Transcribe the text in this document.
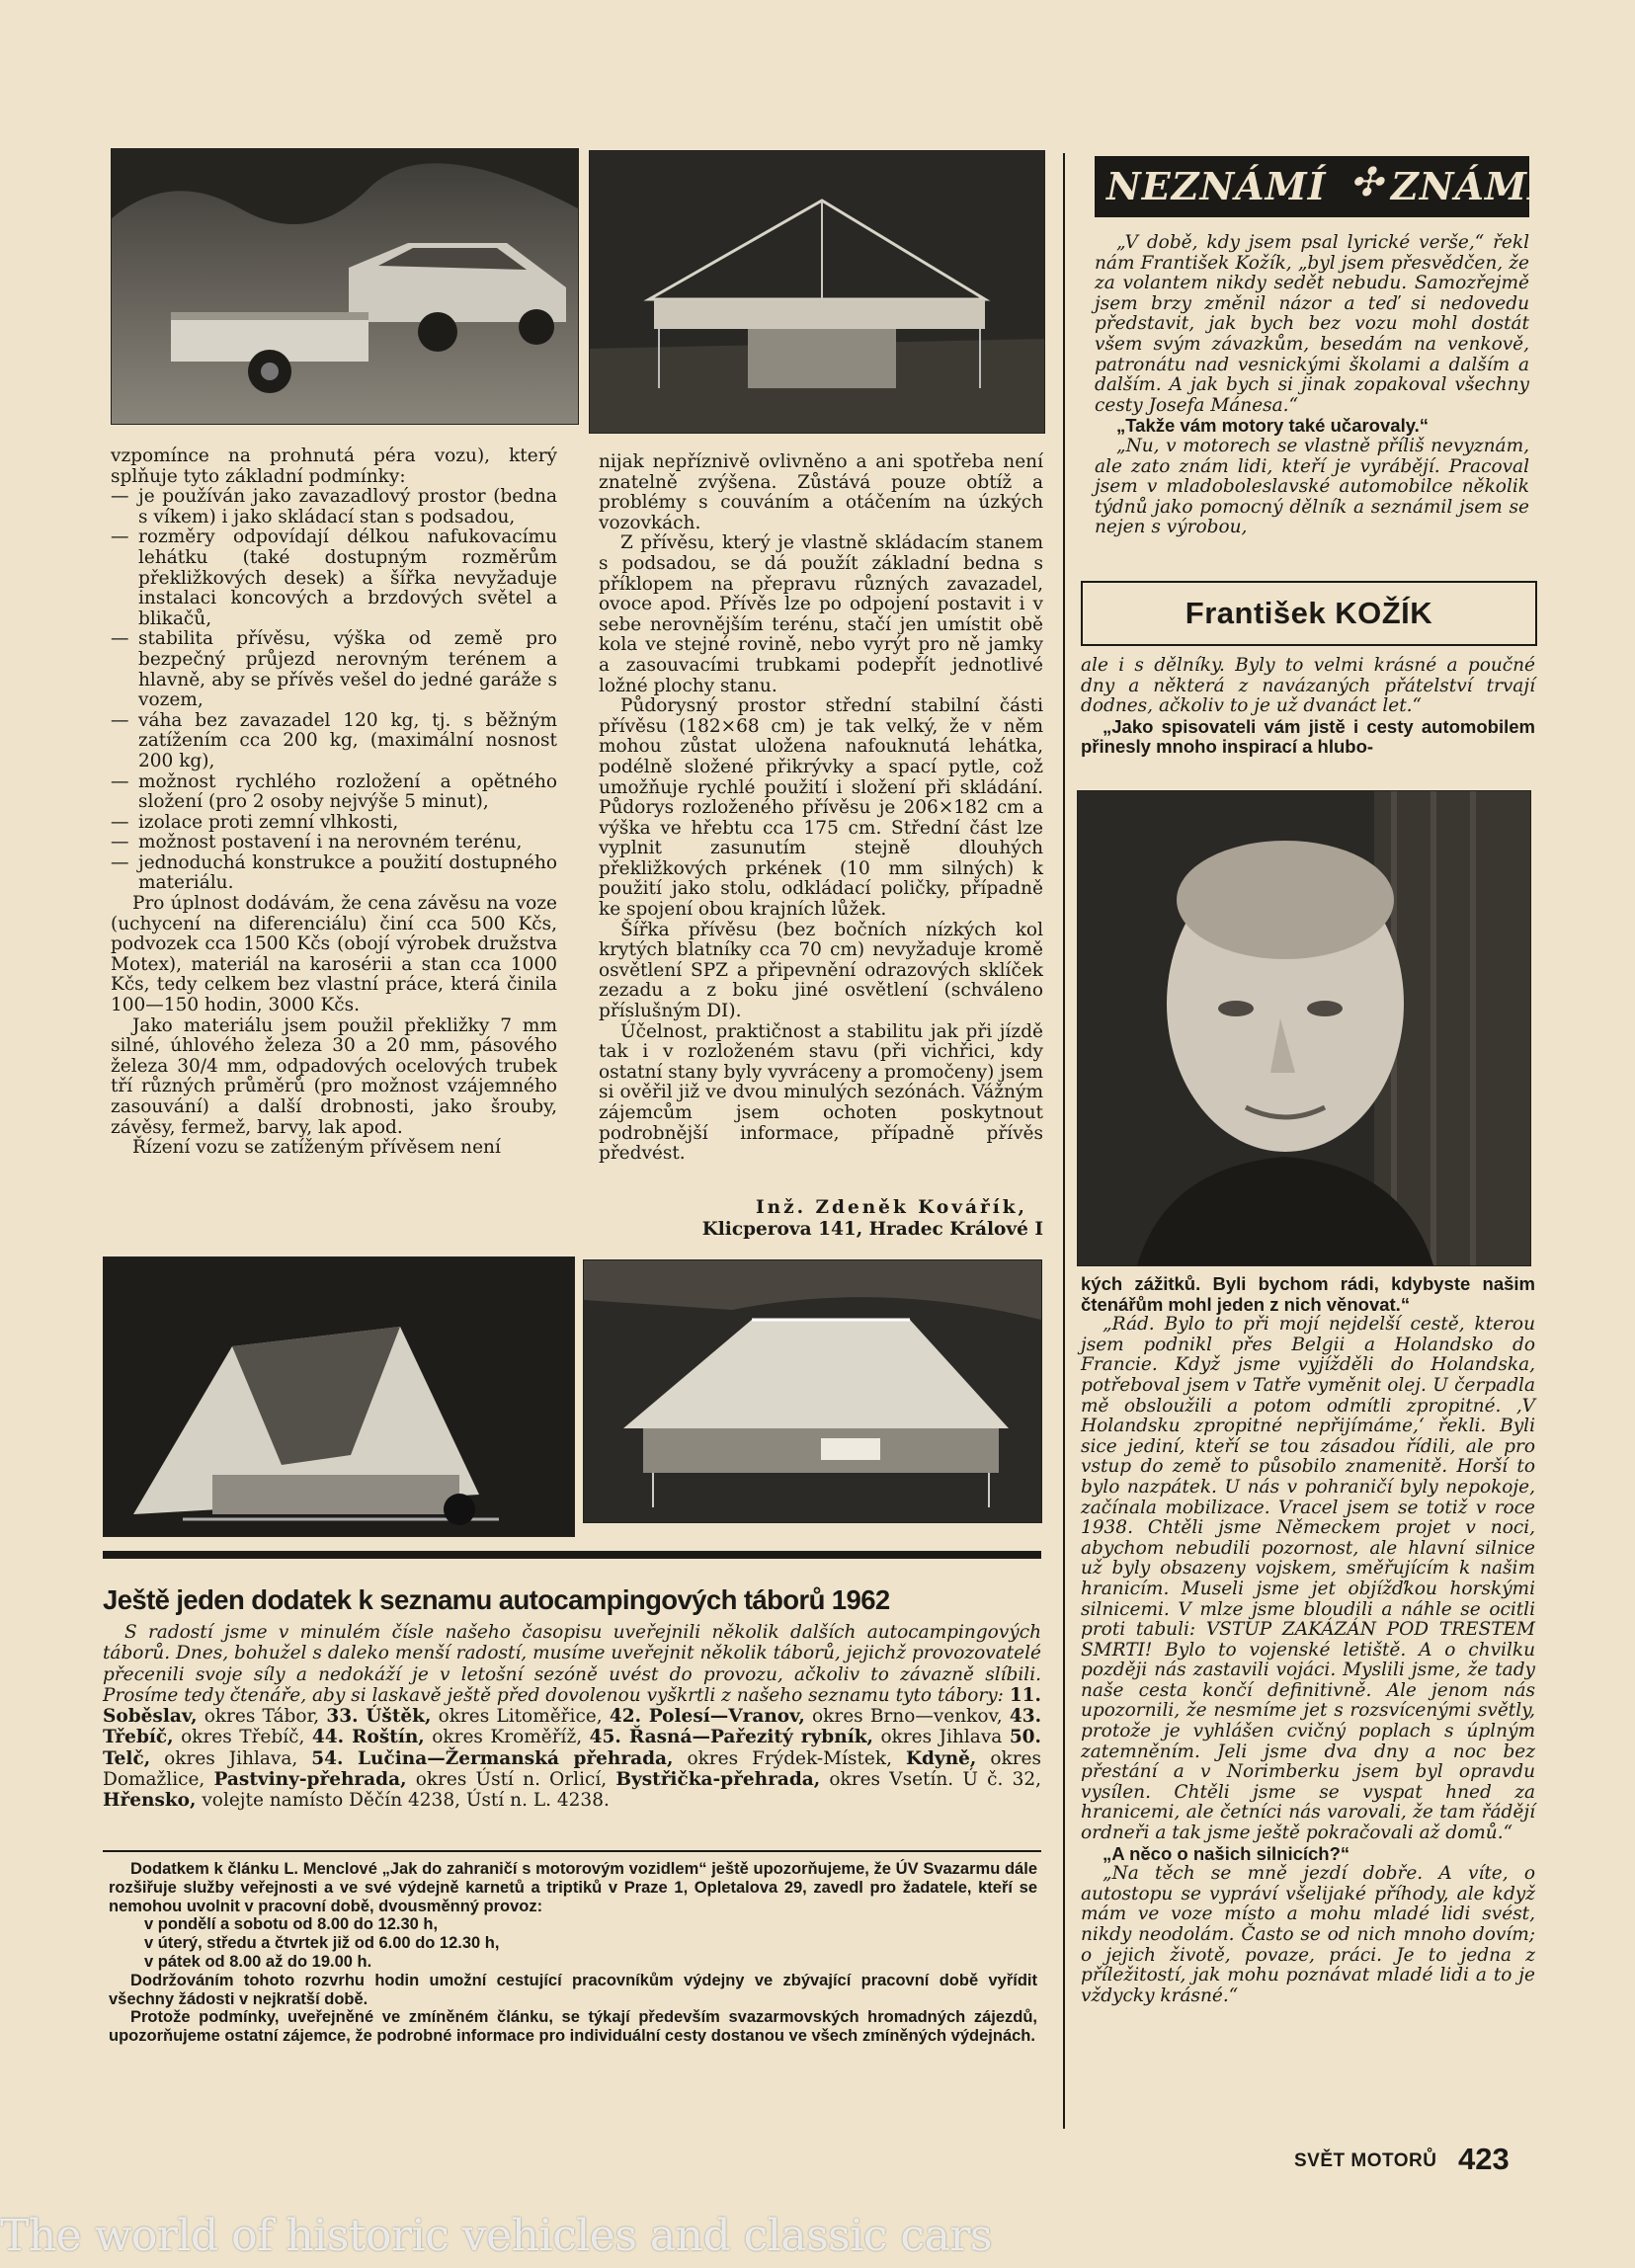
vzpomínce na prohnutá péra vozu), který splňuje tyto základní podmínky:

— je používán jako zavazadlový prostor (bedna s víkem) i jako skládací stan s podsadou,
— rozměry odpovídají délkou nafukovacímu lehátku (také dostupným rozměrům překližkových desek) a šířka nevyžaduje instalaci koncových a brzdových světel a blikačů,
— stabilita přívěsu, výška od země pro bezpečný průjezd nerovným terénem a hlavně, aby se přívěs vešel do jedné garáže s vozem,
— váha bez zavazadel 120 kg, tj. s běžným zatížením cca 200 kg, (maximální nosnost 200 kg),
— možnost rychlého rozložení a opětného složení (pro 2 osoby nejvýše 5 minut),
— izolace proti zemní vlhkosti,
— možnost postavení i na nerovném terénu,
— jednoduchá konstrukce a použití dostupného materiálu.

Pro úplnost dodávám, že cena závěsu na voze (uchycení na diferenciálu) činí cca 500 Kčs, podvozek cca 1500 Kčs (obojí výrobek družstva Motex), materiál na karosérii a stan cca 1000 Kčs, tedy celkem bez vlastní práce, která činila 100—150 hodin, 3000 Kčs.

Jako materiálu jsem použil překližky 7 mm silné, úhlového železa 30 a 20 mm, pásového železa 30/4 mm, odpadových ocelových trubek tří různých průměrů (pro možnost vzájemného zasouvání) a další drobnosti, jako šrouby, závěsy, fermež, barvy, lak apod.

Řízení vozu se zatíženým přívěsem není

nijak nepříznivě ovlivněno a ani spotřeba není znatelně zvýšena. Zůstává pouze obtíž a problémy s couváním a otáčením na úzkých vozovkách.

Z přívěsu, který je vlastně skládacím stanem s podsadou, se dá použít základní bedna s příklopem na přepravu různých zavazadel, ovoce apod. Přívěs lze po odpojení postavit i v sebe nerovnějším terénu, stačí jen umístit obě kola ve stejné rovině, nebo vyrýt pro ně jamky a zasouvacími trubkami podepřít jednotlivé ložné plochy stanu.

Půdorysný prostor střední stabilní části přívěsu (182×68 cm) je tak velký, že v něm mohou zůstat uložena nafouknutá lehátka, podélně složené přikrývky a spací pytle, což umožňuje rychlé použití i složení při skládání. Půdorys rozloženého přívěsu je 206×182 cm a výška ve hřebtu cca 175 cm. Střední část lze vyplnit zasunutím stejně dlouhých překližkových prkének (10 mm silných) k použití jako stolu, odkládací poličky, případně ke spojení obou krajních lůžek.

Šířka přívěsu (bez bočních nízkých kol krytých blatníky cca 70 cm) nevyžaduje kromě osvětlení SPZ a připevnění odrazových sklíček zezadu a z boku jiné osvětlení (schváleno příslušným DI).

Účelnost, praktičnost a stabilitu jak při jízdě tak i v rozloženém stavu (při vichřici, kdy ostatní stany byly vyvráceny a promočeny) jsem si ověřil již ve dvou minulých sezónách. Vážným zájemcům jsem ochoten poskytnout podrobnější informace, případně přívěs předvést.

Inž. Zdeněk Kovářík,
Klicperova 141, Hradec Králové I
Ještě jeden dodatek k seznamu autocampingových táborů 1962

S radostí jsme v minulém čísle našeho časopisu uveřejnili několik dalších autocampingových táborů. Dnes, bohužel s daleko menší radostí, musíme uveřejnit několik táborů, jejichž provozovatelé přecenili svoje síly a nedokáží je v letošní sezóně uvést do provozu, ačkoliv to závazně slíbili. Prosíme tedy čtenáře, aby si laskavě ještě před dovolenou vyškrtli z našeho seznamu tyto tábory: 11. Soběslav, okres Tábor, 33. Úštěk, okres Litoměřice, 42. Polesí—Vranov, okres Brno—venkov, 43. Třebíč, okres Třebíč, 44. Roštín, okres Kroměříž, 45. Řasná—Pařezitý rybník, okres Jihlava 50. Telč, okres Jihlava, 54. Lučina—Žermanská přehrada, okres Frýdek-Místek, Kdyně, okres Domažlice, Pastviny-přehrada, okres Ústí n. Orlicí, Bystřička-přehrada, okres Vsetín. Ú č. 32, Hřensko, volejte namísto Děčín 4238, Ústí n. L. 4238.

Dodatkem k článku L. Menclové „Jak do zahraničí s motorovým vozidlem“ ještě upozorňujeme, že ÚV Svazarmu dále rozšiřuje služby veřejnosti a ve své výdejně karnetů a triptiků v Praze 1, Opletalova 29, zavedl pro žadatele, kteří se nemohou uvolnit v pracovní době, dvousměnný provoz:

v pondělí a sobotu od 8.00 do 12.30 h,

v úterý, středu a čtvrtek již od 6.00 do 12.30 h,

v pátek od 8.00 až do 19.00 h.

Dodržováním tohoto rozvrhu hodin umožní cestující pracovníkům výdejny ve zbývající pracovní době vyřídit všechny žádosti v nejkratší době.

Protože podmínky, uveřejněné ve zmíněném článku, se týkají především svazarmovských hromadných zájezdů, upozorňujeme ostatní zájemce, že podrobné informace pro individuální cesty dostanou ve všech zmíněných výdejnách.

NEZNÁMÍ ✣ ZNÁMÍ

„V době, kdy jsem psal lyrické verše,“ řekl nám František Kožík, „byl jsem přesvědčen, že za volantem nikdy sedět nebudu. Samozřejmě jsem brzy změnil názor a teď si nedovedu představit, jak bych bez vozu mohl dostát všem svým závazkům, besedám na venkově, patronátu nad vesnickými školami a dalším a dalším. A jak bych si jinak zopakoval všechny cesty Josefa Mánesa.“

„Takže vám motory také učarovaly.“

„Nu, v motorech se vlastně příliš nevyznám, ale zato znám lidi, kteří je vyrábějí. Pracoval jsem v mladoboleslavské automobilce několik týdnů jako pomocný dělník a seznámil jsem se nejen s výrobou,

František KOŽÍK

ale i s dělníky. Byly to velmi krásné a poučné dny a některá z navázaných přátelství trvají dodnes, ačkoliv to je už dvanáct let.“

„Jako spisovateli vám jistě i cesty automobilem přinesly mnoho inspirací a hlubo-

kých zážitků. Byli bychom rádi, kdybyste našim čtenářům mohl jeden z nich věnovat.“

„Rád. Bylo to při mojí nejdelší cestě, kterou jsem podnikl přes Belgii a Holandsko do Francie. Když jsme vyjížděli do Holandska, potřeboval jsem v Tatře vyměnit olej. U čerpadla mě obsloužili a potom odmítli zpropitné. ‚V Holandsku zpropitné nepřijímáme,‘ řekli. Byli sice jediní, kteří se tou zásadou řídili, ale pro vstup do země to působilo znamenitě. Horší to bylo nazpátek. U nás v pohraničí byly nepokoje, začínala mobilizace. Vracel jsem se totiž v roce 1938. Chtěli jsme Německem projet v noci, abychom nebudili pozornost, ale hlavní silnice už byly obsazeny vojskem, směřujícím k našim hranicím. Museli jsme jet objížďkou horskými silnicemi. V mlze jsme bloudili a náhle se ocitli proti tabuli: VSTUP ZAKÁZÁN POD TRESTEM SMRTI! Bylo to vojenské letiště. A o chvilku později nás zastavili vojáci. Myslili jsme, že tady naše cesta končí definitivně. Ale jenom nás upozornili, že nesmíme jet s rozsvícenými světly, protože je vyhlášen cvičný poplach s úplným zatemněním. Jeli jsme dva dny a noc bez přestání a v Norimberku jsem byl opravdu vysílen. Chtěli jsme se vyspat hned za hranicemi, ale četníci nás varovali, že tam řádějí ordneři a tak jsme ještě pokračovali až domů.“

„A něco o našich silnicích?“

„Na těch se mně jezdí dobře. A víte, o autostopu se vypráví všelijaké příhody, ale když mám ve voze místo a mohu mladé lidi svést, nikdy neodolám. Často se od nich mnoho dovím; o jejich životě, povaze, práci. Je to jedna z příležitostí, jak mohu poznávat mladé lidi a to je vždycky krásné.“

SVĚT MOTORŮ 423
The world of historic vehicles and classic cars
